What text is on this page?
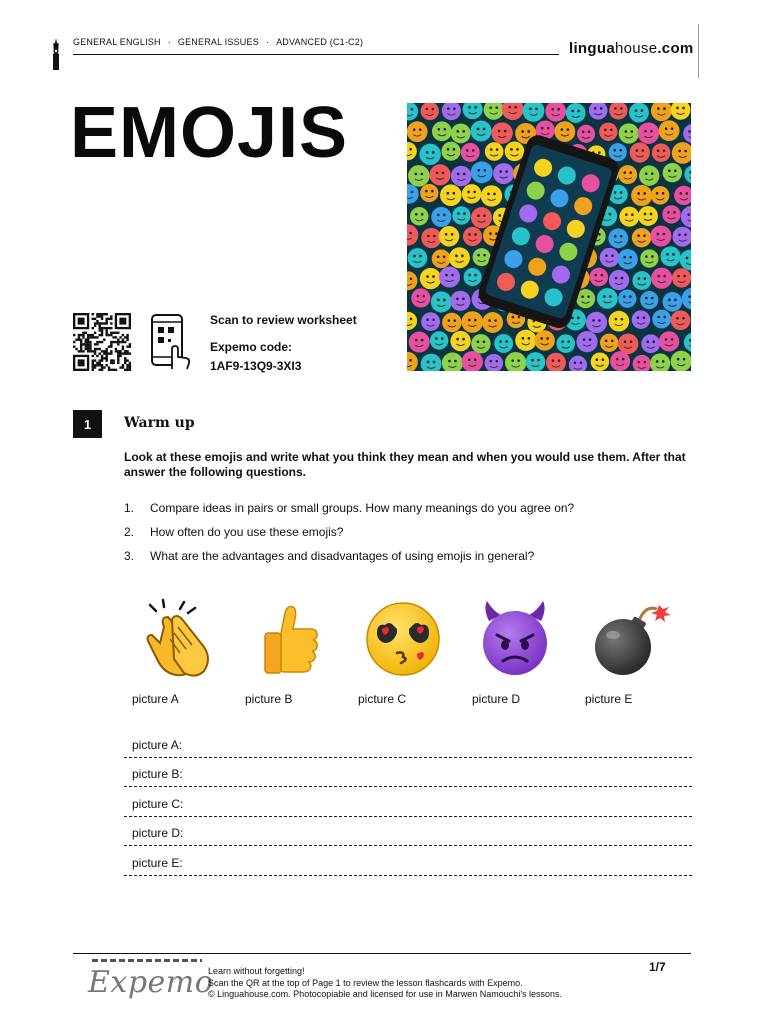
GENERAL ENGLISH · GENERAL ISSUES · ADVANCED (C1-C2)	linguahouse.com
EMOJIS
Scan to review worksheet
Expemo code:
1AF9-13Q9-3XI3
1	Warm up
Look at these emojis and write what you think they mean and when you would use them. After that answer the following questions.
1. Compare ideas in pairs or small groups. How many meanings do you agree on?
2. How often do you use these emojis?
3. What are the advantages and disadvantages of using emojis in general?
picture A	picture B	picture C	picture D	picture E
picture A:
picture B:
picture C:
picture D:
picture E:
Expemo
Learn without forgetting!
Scan the QR at the top of Page 1 to review the lesson flashcards with Expemo.
© Linguahouse.com. Photocopiable and licensed for use in Marwen Namouchi's lessons.
1/7
